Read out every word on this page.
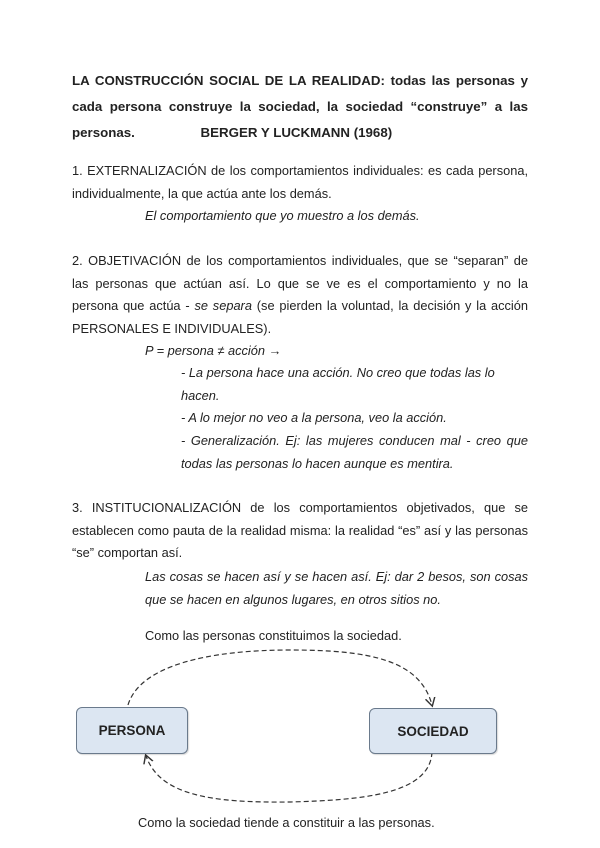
LA CONSTRUCCIÓN SOCIAL DE LA REALIDAD: todas las personas y cada persona construye la sociedad, la sociedad “construye” a las personas.	BERGER Y LUCKMANN (1968)
1. EXTERNALIZACIÓN de los comportamientos individuales: es cada persona, individualmente, la que actúa ante los demás.
El comportamiento que yo muestro a los demás.
2. OBJETIVACIÓN de los comportamientos individuales, que se “separan” de las personas que actúan así. Lo que se ve es el comportamiento y no la persona que actúa - se separa (se pierden la voluntad, la decisión y la acción PERSONALES E INDIVIDUALES).
P = persona ≠ acción →
- La persona hace una acción. No creo que todas las lo hacen.
- A lo mejor no veo a la persona, veo la acción.
- Generalización. Ej: las mujeres conducen mal - creo que todas las personas lo hacen aunque es mentira.
3. INSTITUCIONALIZACIÓN de los comportamientos objetivados, que se establecen como pauta de la realidad misma: la realidad “es” así y las personas “se” comportan así.
Las cosas se hacen así y se hacen así. Ej: dar 2 besos, son cosas que se hacen en algunos lugares, en otros sitios no.
Como las personas constituimos la sociedad.
PERSONA	SOCIEDAD
Como la sociedad tiende a constituir a las personas.
